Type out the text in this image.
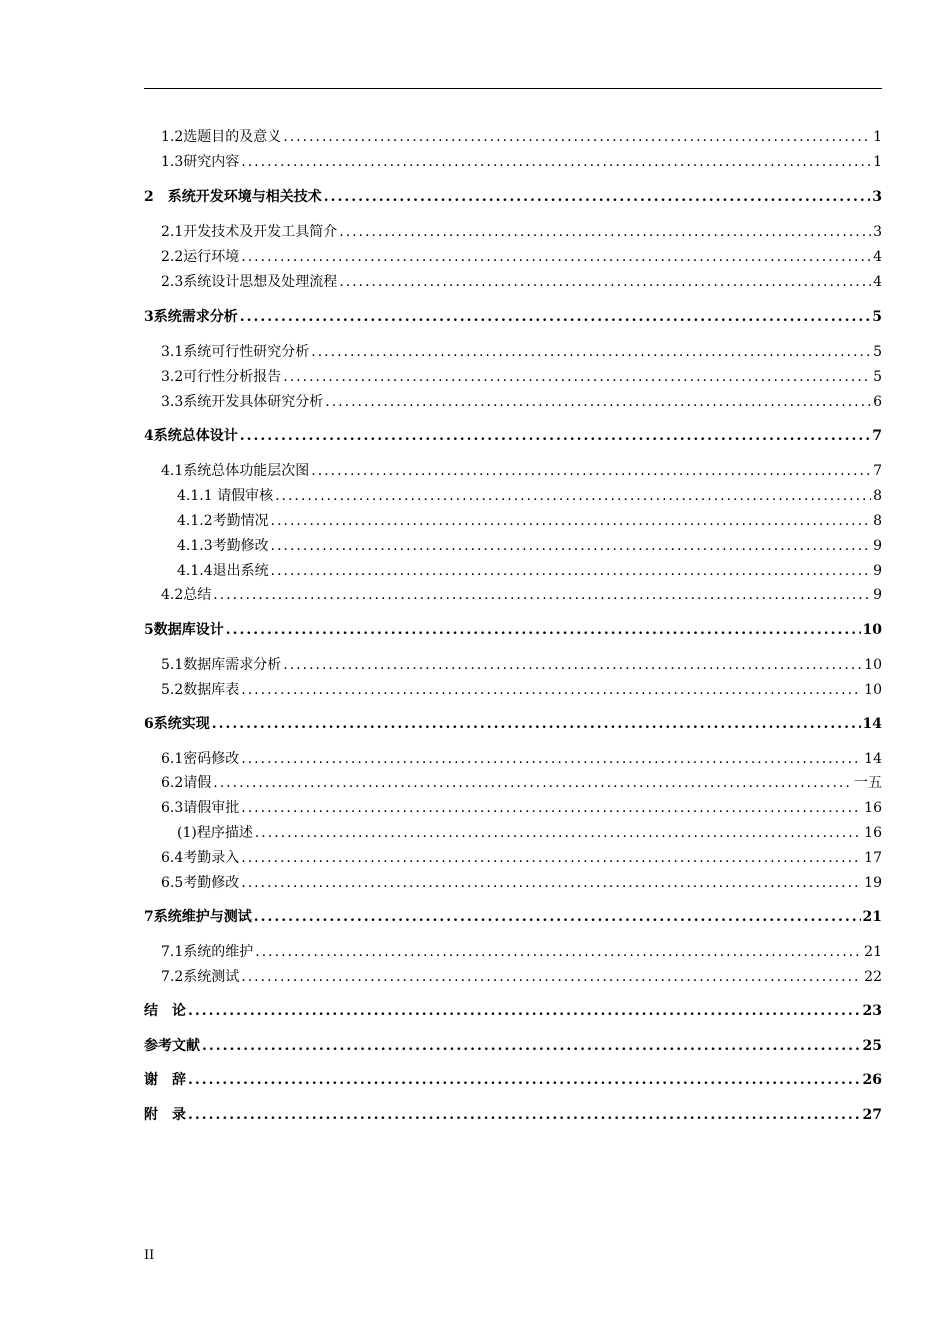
1.2选题目的及意义 .....	1
1.3研究内容 .....	1
2　系统开发环境与相关技术 .....	3
2.1开发技术及开发工具简介 .....	3
2.2运行环境 .....	4
2.3系统设计思想及处理流程 .....	4
3系统需求分析 .....	5
3.1系统可行性研究分析 .....	5
3.2可行性分析报告 .....	5
3.3系统开发具体研究分析 .....	6
4系统总体设计 .....	7
4.1系统总体功能层次图 .....	7
4.1.1 请假审核 .....	8
4.1.2考勤情况 .....	8
4.1.3考勤修改 .....	9
4.1.4退出系统 .....	9
4.2总结 .....	9
5数据库设计 .....	10
5.1数据库需求分析 .....	10
5.2数据库表 .....	10
6系统实现 .....	14
6.1密码修改 .....	14
6.2请假 .....	一五
6.3请假审批 .....	16
(1)程序描述 .....	16
6.4考勤录入 .....	17
6.5考勤修改 .....	19
7系统维护与测试 .....	21
7.1系统的维护 .....	21
7.2系统测试 .....	22
结　论 .....	23
参考文献 .....	25
谢　辞 .....	26
附　录 .....	27
II
